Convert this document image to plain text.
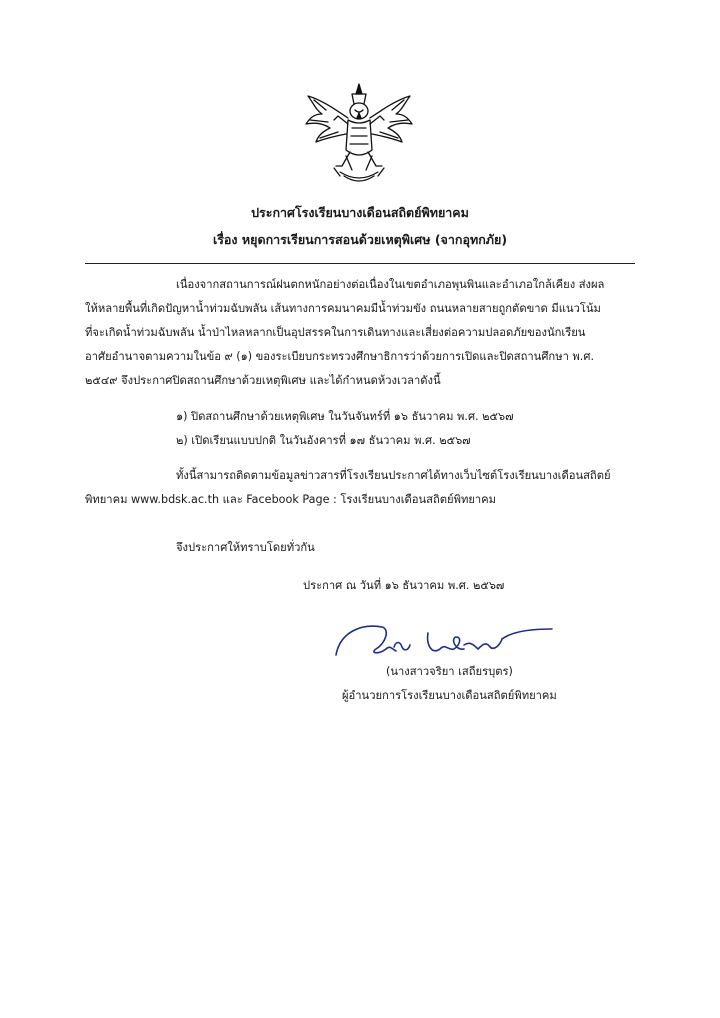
ประกาศโรงเรียนบางเดือนสถิตย์พิทยาคม
เรื่อง หยุดการเรียนการสอนด้วยเหตุพิเศษ (จากอุทกภัย)
เนื่องจากสถานการณ์ฝนตกหนักอย่างต่อเนื่องในเขตอำเภอพุนพินและอำเภอใกล้เคียง ส่งผล
ให้หลายพื้นที่เกิดปัญหาน้ำท่วมฉับพลัน เส้นทางการคมนาคมมีน้ำท่วมขัง ถนนหลายสายถูกตัดขาด มีแนวโน้ม
ที่จะเกิดน้ำท่วมฉับพลัน น้ำป่าไหลหลากเป็นอุปสรรคในการเดินทางและเสี่ยงต่อความปลอดภัยของนักเรียน
อาศัยอำนาจตามความในข้อ ๙ (๑) ของระเบียบกระทรวงศึกษาธิการว่าด้วยการเปิดและปิดสถานศึกษา พ.ศ.
๒๕๔๙ จึงประกาศปิดสถานศึกษาด้วยเหตุพิเศษ และได้กำหนดห้วงเวลาดังนี้
๑) ปิดสถานศึกษาด้วยเหตุพิเศษ ในวันจันทร์ที่ ๑๖ ธันวาคม พ.ศ. ๒๕๖๗
๒) เปิดเรียนแบบปกติ ในวันอังคารที่ ๑๗ ธันวาคม พ.ศ. ๒๕๖๗
ทั้งนี้สามารถติดตามข้อมูลข่าวสารที่โรงเรียนประกาศได้ทางเว็บไซต์โรงเรียนบางเดือนสถิตย์
พิทยาคม www.bdsk.ac.th และ Facebook Page : โรงเรียนบางเดือนสถิตย์พิทยาคม
จึงประกาศให้ทราบโดยทั่วกัน
ประกาศ ณ วันที่ ๑๖ ธันวาคม พ.ศ. ๒๕๖๗
(นางสาวจริยา เสถียรบุตร)
ผู้อำนวยการโรงเรียนบางเดือนสถิตย์พิทยาคม
